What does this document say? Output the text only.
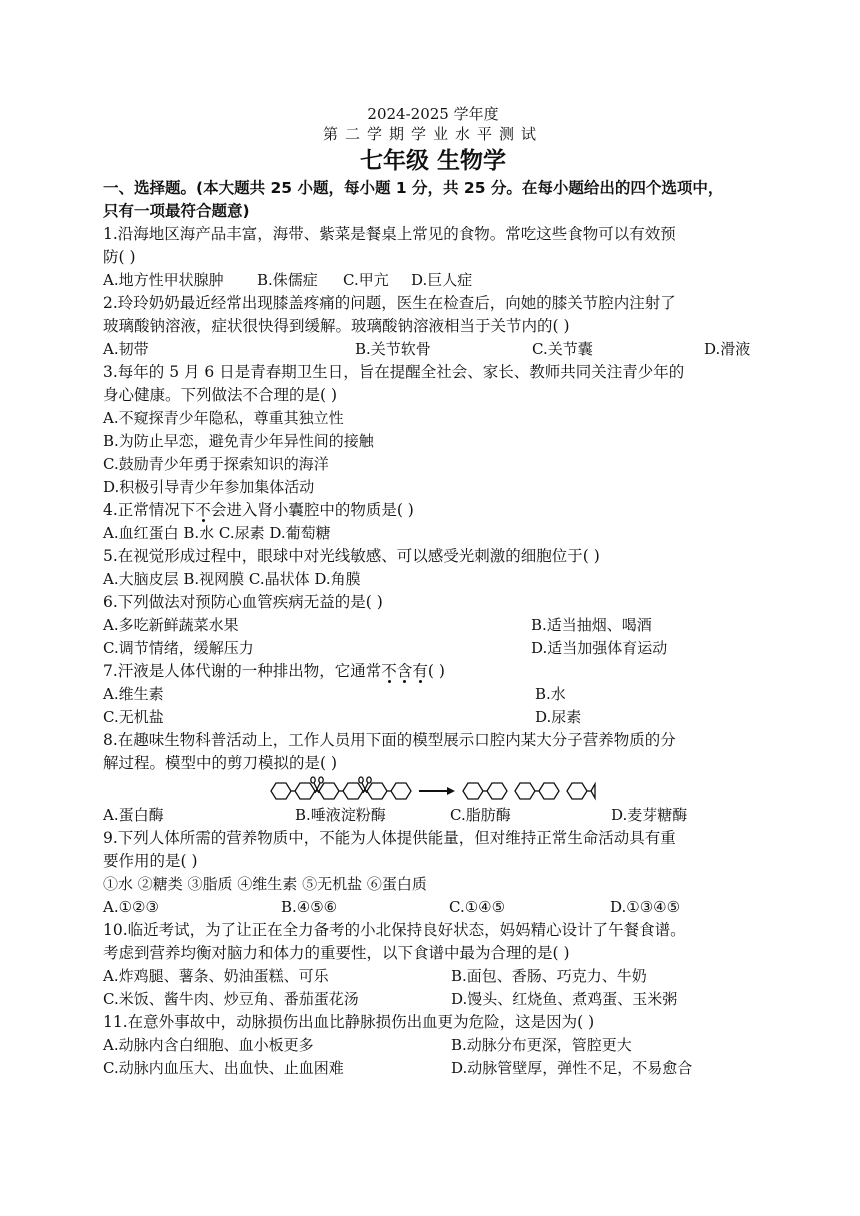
2024-2025 学年度
第二学期学业水平测试
七年级 生物学
一、选择题。(本大题共 25 小题，每小题 1 分，共 25 分。在每小题给出的四个选项中，
只有一项最符合题意)
1.沿海地区海产品丰富，海带、紫菜是餐桌上常见的食物。常吃这些食物可以有效预
防( )
A.地方性甲状腺肿	B.侏儒症	C.甲亢	D.巨人症
2.玲玲奶奶最近经常出现膝盖疼痛的问题，医生在检查后，向她的膝关节腔内注射了
玻璃酸钠溶液，症状很快得到缓解。玻璃酸钠溶液相当于关节内的( )
A.韧带	B.关节软骨	C.关节囊	D.滑液
3.每年的 5 月 6 日是青春期卫生日，旨在提醒全社会、家长、教师共同关注青少年的
身心健康。下列做法不合理的是( )
A.不窥探青少年隐私，尊重其独立性
B.为防止早恋，避免青少年异性间的接触
C.鼓励青少年勇于探索知识的海洋
D.积极引导青少年参加集体活动
4.正常情况下不会进入肾小囊腔中的物质是( )
A.血红蛋白 B.水 C.尿素 D.葡萄糖
5.在视觉形成过程中，眼球中对光线敏感、可以感受光刺激的细胞位于( )
A.大脑皮层 B.视网膜 C.晶状体 D.角膜
6.下列做法对预防心血管疾病无益的是( )
A.多吃新鲜蔬菜水果	B.适当抽烟、喝酒
C.调节情绪，缓解压力	D.适当加强体育运动
7.汗液是人体代谢的一种排出物，它通常不含有( )
A.维生素	B.水
C.无机盐	D.尿素
8.在趣味生物科普活动上，工作人员用下面的模型展示口腔内某大分子营养物质的分
解过程。模型中的剪刀模拟的是( )
A.蛋白酶	B.唾液淀粉酶	C.脂肪酶	D.麦芽糖酶
9.下列人体所需的营养物质中，不能为人体提供能量，但对维持正常生命活动具有重
要作用的是( )
①水 ②糖类 ③脂质 ④维生素 ⑤无机盐 ⑥蛋白质
A.①②③	B.④⑤⑥	C.①④⑤	D.①③④⑤
10.临近考试，为了让正在全力备考的小北保持良好状态，妈妈精心设计了午餐食谱。
考虑到营养均衡对脑力和体力的重要性，以下食谱中最为合理的是( )
A.炸鸡腿、薯条、奶油蛋糕、可乐	B.面包、香肠、巧克力、牛奶
C.米饭、酱牛肉、炒豆角、番茄蛋花汤	D.馒头、红烧鱼、煮鸡蛋、玉米粥
11.在意外事故中，动脉损伤出血比静脉损伤出血更为危险，这是因为( )
A.动脉内含白细胞、血小板更多	B.动脉分布更深，管腔更大
C.动脉内血压大、出血快、止血困难	D.动脉管壁厚，弹性不足，不易愈合
